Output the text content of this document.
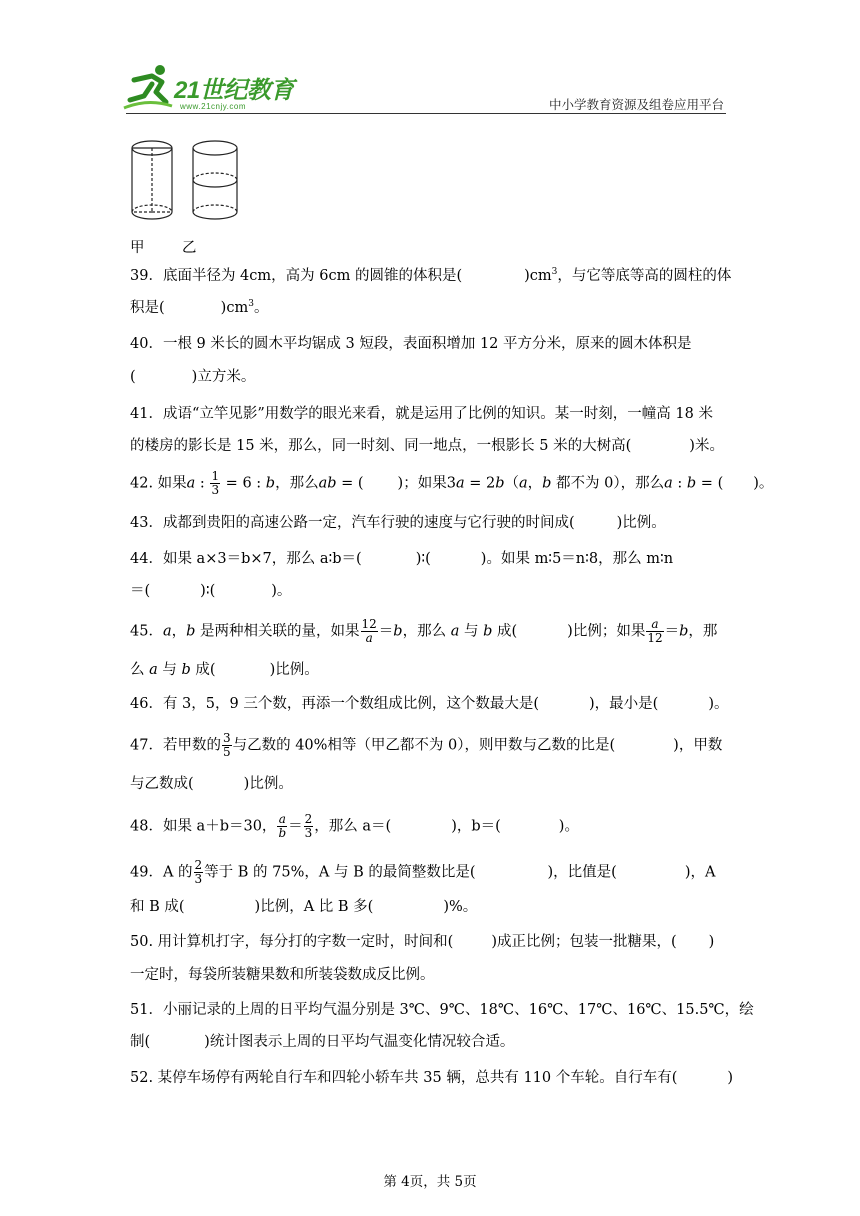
21世纪教育
www.21cnjy.com	中小学教育资源及组卷应用平台
甲	乙
39．底面半径为 4cm，高为 6cm 的圆锥的体积是(	)$cm^3$，与它等底等高的圆柱的体
积是(	)$cm^3$。
40．一根 9 米长的圆木平均锯成 3 短段，表面积增加 12 平方分米，原来的圆木体积是
(	)立方米。
41．成语“立竿见影”用数学的眼光来看，就是运用了比例的知识。某一时刻，一幢高 18 米
的楼房的影长是 15 米，那么，同一时刻、同一地点，一根影长 5 米的大树高(	)米。
42. 如果a : $\frac{1}{3} = 6$ : b，那么ab = ( )；如果3a = 2b（a，b 都不为 0），那么a : b = ( )。
43．成都到贵阳的高速公路一定，汽车行驶的速度与它行驶的时间成(	)比例。
44．如果 a×3＝b×7，那么 a∶b＝(	)∶(	)。如果 m∶5＝n∶8，那么 m∶n
＝(	)∶(	)。
45．a，b 是两种相关联的量，如果 $\frac{12}{a} =b$，那么 a 与 b 成(	)比例；如果 $\frac{a}{12} =b$，那
么 a 与 b 成(	)比例。
46．有 3，5，9 三个数，再添一个数组成比例，这个数最大是(	)，最小是(	)。
47．若甲数的 $\frac{3}{5}$ 与乙数的 40%相等（甲乙都不为 0），则甲数与乙数的比是(	)，甲数
与乙数成(	)比例。
48．如果 a＋b＝30， $\frac{a}{b} = \frac{2}{3}$ ，那么 a＝(	)，b＝(	)。
49．A 的 $\frac{2}{3}$ 等于 B 的 75%，A 与 B 的最简整数比是(	)，比值是(	)，A
和 B 成(	)比例，A 比 B 多(	)%。
50. 用计算机打字，每分打的字数一定时，时间和(	)成正比例；包装一批糖果，( )
一定时，每袋所装糖果数和所装袋数成反比例。
51．小丽记录的上周的日平均气温分别是 3℃、9℃、18℃、16℃、17℃、16℃、15.5℃，绘
制(	)统计图表示上周的日平均气温变化情况较合适。
52. 某停车场停有两轮自行车和四轮小轿车共 35 辆，总共有 110 个车轮。自行车有(	)
第 4页，共 5页
